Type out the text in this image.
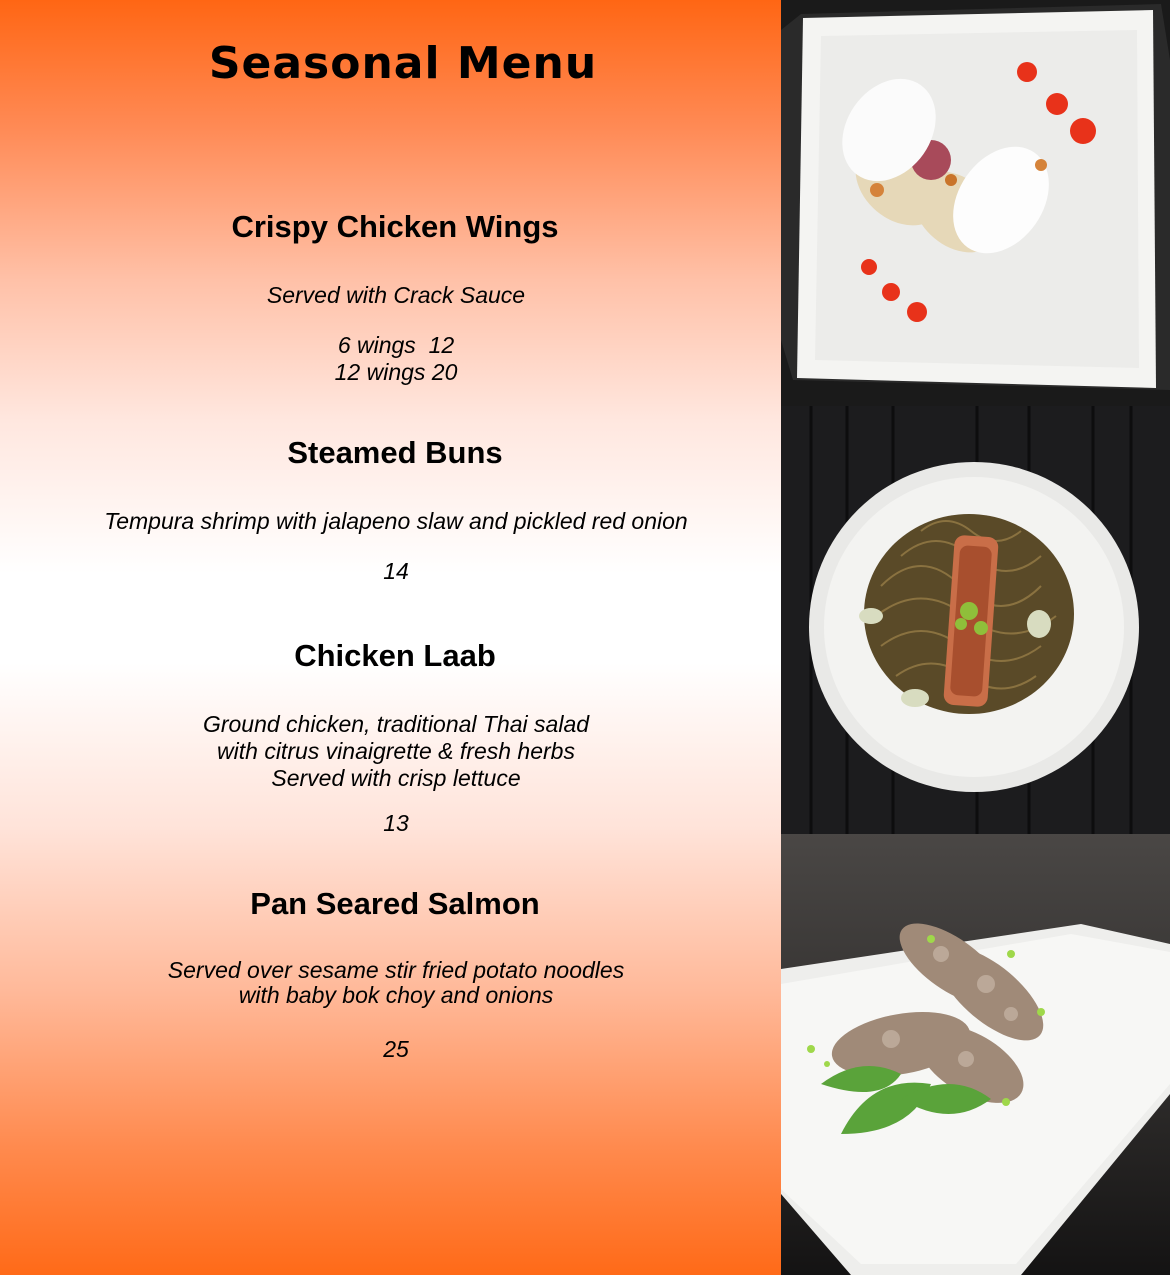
Seasonal Menu
Crispy Chicken Wings
Served with Crack Sauce
6 wings  12
12 wings 20
Steamed Buns
Tempura shrimp with jalapeno slaw and pickled red onion
14
Chicken Laab
Ground chicken, traditional Thai salad
with citrus vinaigrette & fresh herbs
Served with crisp lettuce
13
Pan Seared Salmon
Served over sesame stir fried potato noodles
with baby bok choy and onions
25
